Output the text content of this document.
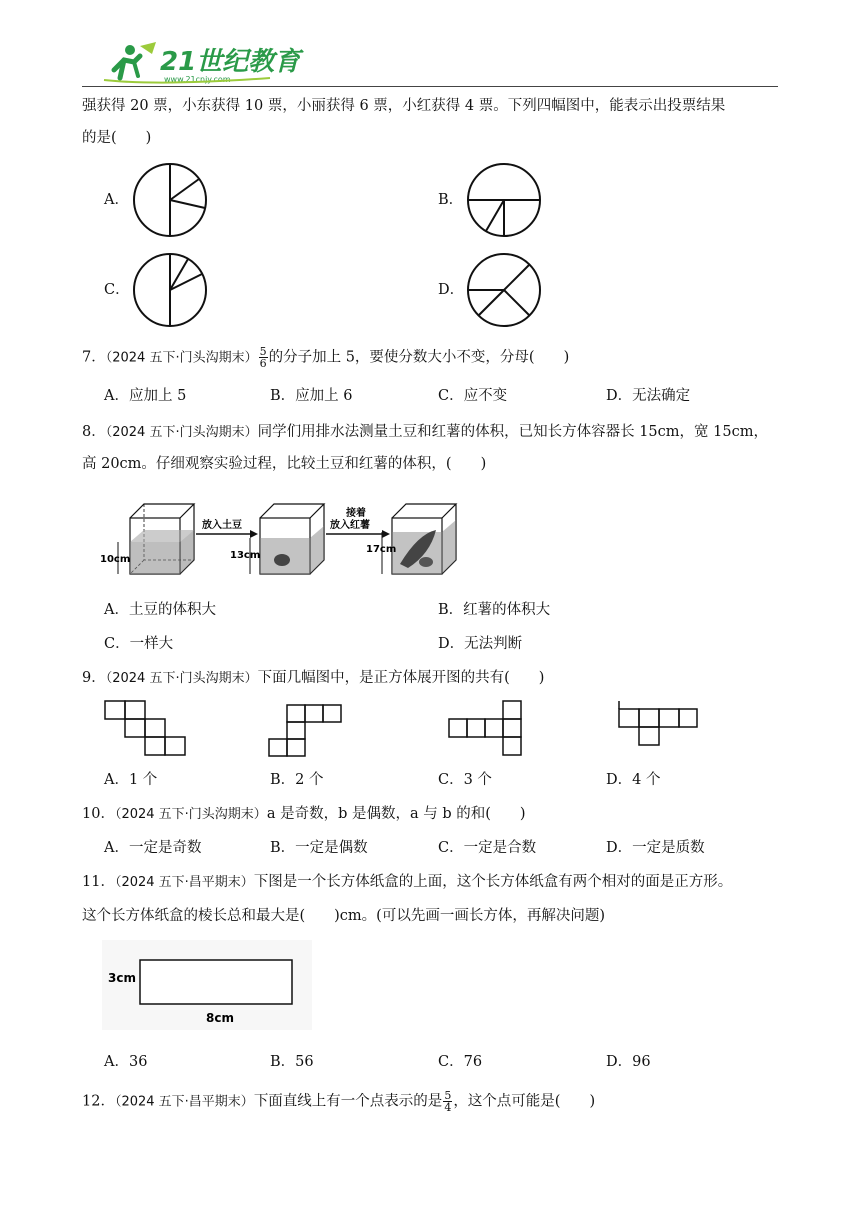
21世纪教育
www.21cnjy.com
强获得 20 票，小东获得 10 票，小丽获得 6 票，小红获得 4 票。下列四幅图中，能表示出投票结果
的是(　　)
A．	B．
C．	D．
7．（2024 五下·门头沟期末） $\frac{5}{6}$ 的分子加上 5，要使分数大小不变，分母(　　)
A．应加上 5	B．应加上 6	C．应不变	D．无法确定
8．（2024 五下·门头沟期末）同学们用排水法测量土豆和红薯的体积，已知长方体容器长 15cm，宽 15cm，
高 20cm。仔细观察实验过程，比较土豆和红薯的体积，(　　)
10cm
放入土豆
13cm
接着
放入红薯
17cm
A．土豆的体积大	B．红薯的体积大
C．一样大	D．无法判断
9．（2024 五下·门头沟期末）下面几幅图中，是正方体展开图的共有(　　)
A．1 个	B．2 个	C．3 个	D．4 个
10．（2024 五下·门头沟期末）a 是奇数，b 是偶数，a 与 b 的和(　　)
A．一定是奇数	B．一定是偶数	C．一定是合数	D．一定是质数
11．（2024 五下·昌平期末）下图是一个长方体纸盒的上面，这个长方体纸盒有两个相对的面是正方形。
这个长方体纸盒的棱长总和最大是(　　)cm。(可以先画一画长方体，再解决问题)
3cm
8cm
A．36	B．56	C．76	D．96
12．（2024 五下·昌平期末）下面直线上有一个点表示的是 $\frac{5}{4}$ ，这个点可能是(　　)
